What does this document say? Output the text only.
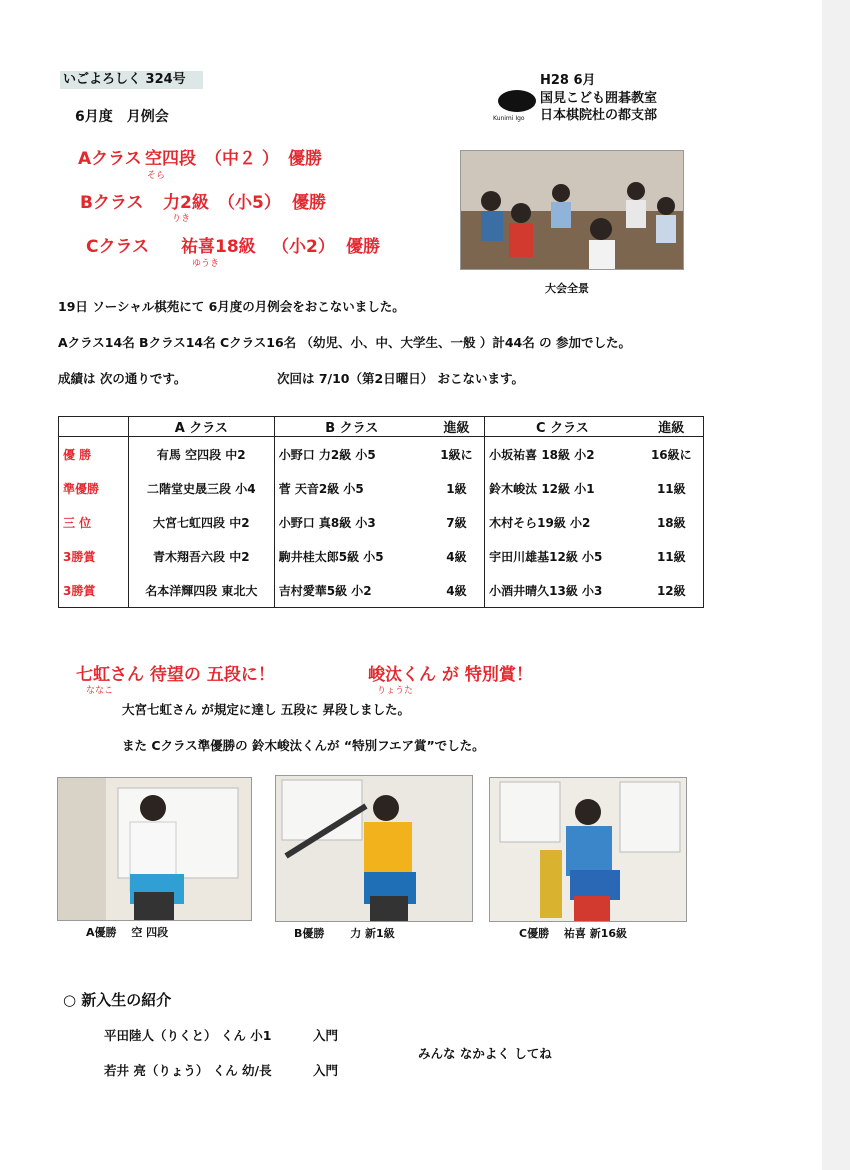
いごよろしく 324号
6月度　月例会	Kunimi Igo
H28 6月
国見こども囲碁教室
日本棋院杜の都支部
Aクラス 空四段 （中２ ） 優勝
そら
Bクラス 力2級 （小5） 優勝
りき
Cクラス 祐喜18級 （小2） 優勝
ゆうき
大会全景
19日 ソーシャル棋苑にて 6月度の月例会をおこないました。
Aクラス14名 Bクラス14名 Cクラス16名 （幼児、小、中、大学生、一般 ）計44名 の 参加でした。
成績は 次の通りです。	次回は 7/10（第2日曜日） おこないます。
	A クラス	B クラス	進級	C クラス	進級
優 勝	有馬 空四段 中2	小野口 力2級 小5	1級に	小坂祐喜 18級 小2	16級に
準優勝	二階堂史晟三段 小4	菅 天音2級 小5	1級	鈴木峻汰 12級 小1	11級
三 位	大宮七虹四段 中2	小野口 真8級 小3	7級	木村そら19級 小2	18級
3勝賞	青木翔吾六段 中2	駒井桂太郎5級 小5	4級	宇田川雄基12級 小5	11級
3勝賞	名本洋輝四段 東北大	吉村愛華5級 小2	4級	小酒井晴久13級 小3	12級
七虹さん 待望の 五段に！
ななこ
峻汰くん が 特別賞！
りょうた
大宮七虹さん が規定に達し 五段に 昇段しました。
また Cクラス準優勝の 鈴木峻汰くんが “特別フエア賞”でした。
A優勝　 空 四段	B優勝　　 力 新1級	C優勝　 祐喜 新16級
○ 新入生の紹介
平田陸人（りくと） くん 小1	入門
若井 亮（りょう） くん 幼/長	入門
みんな なかよく してね
